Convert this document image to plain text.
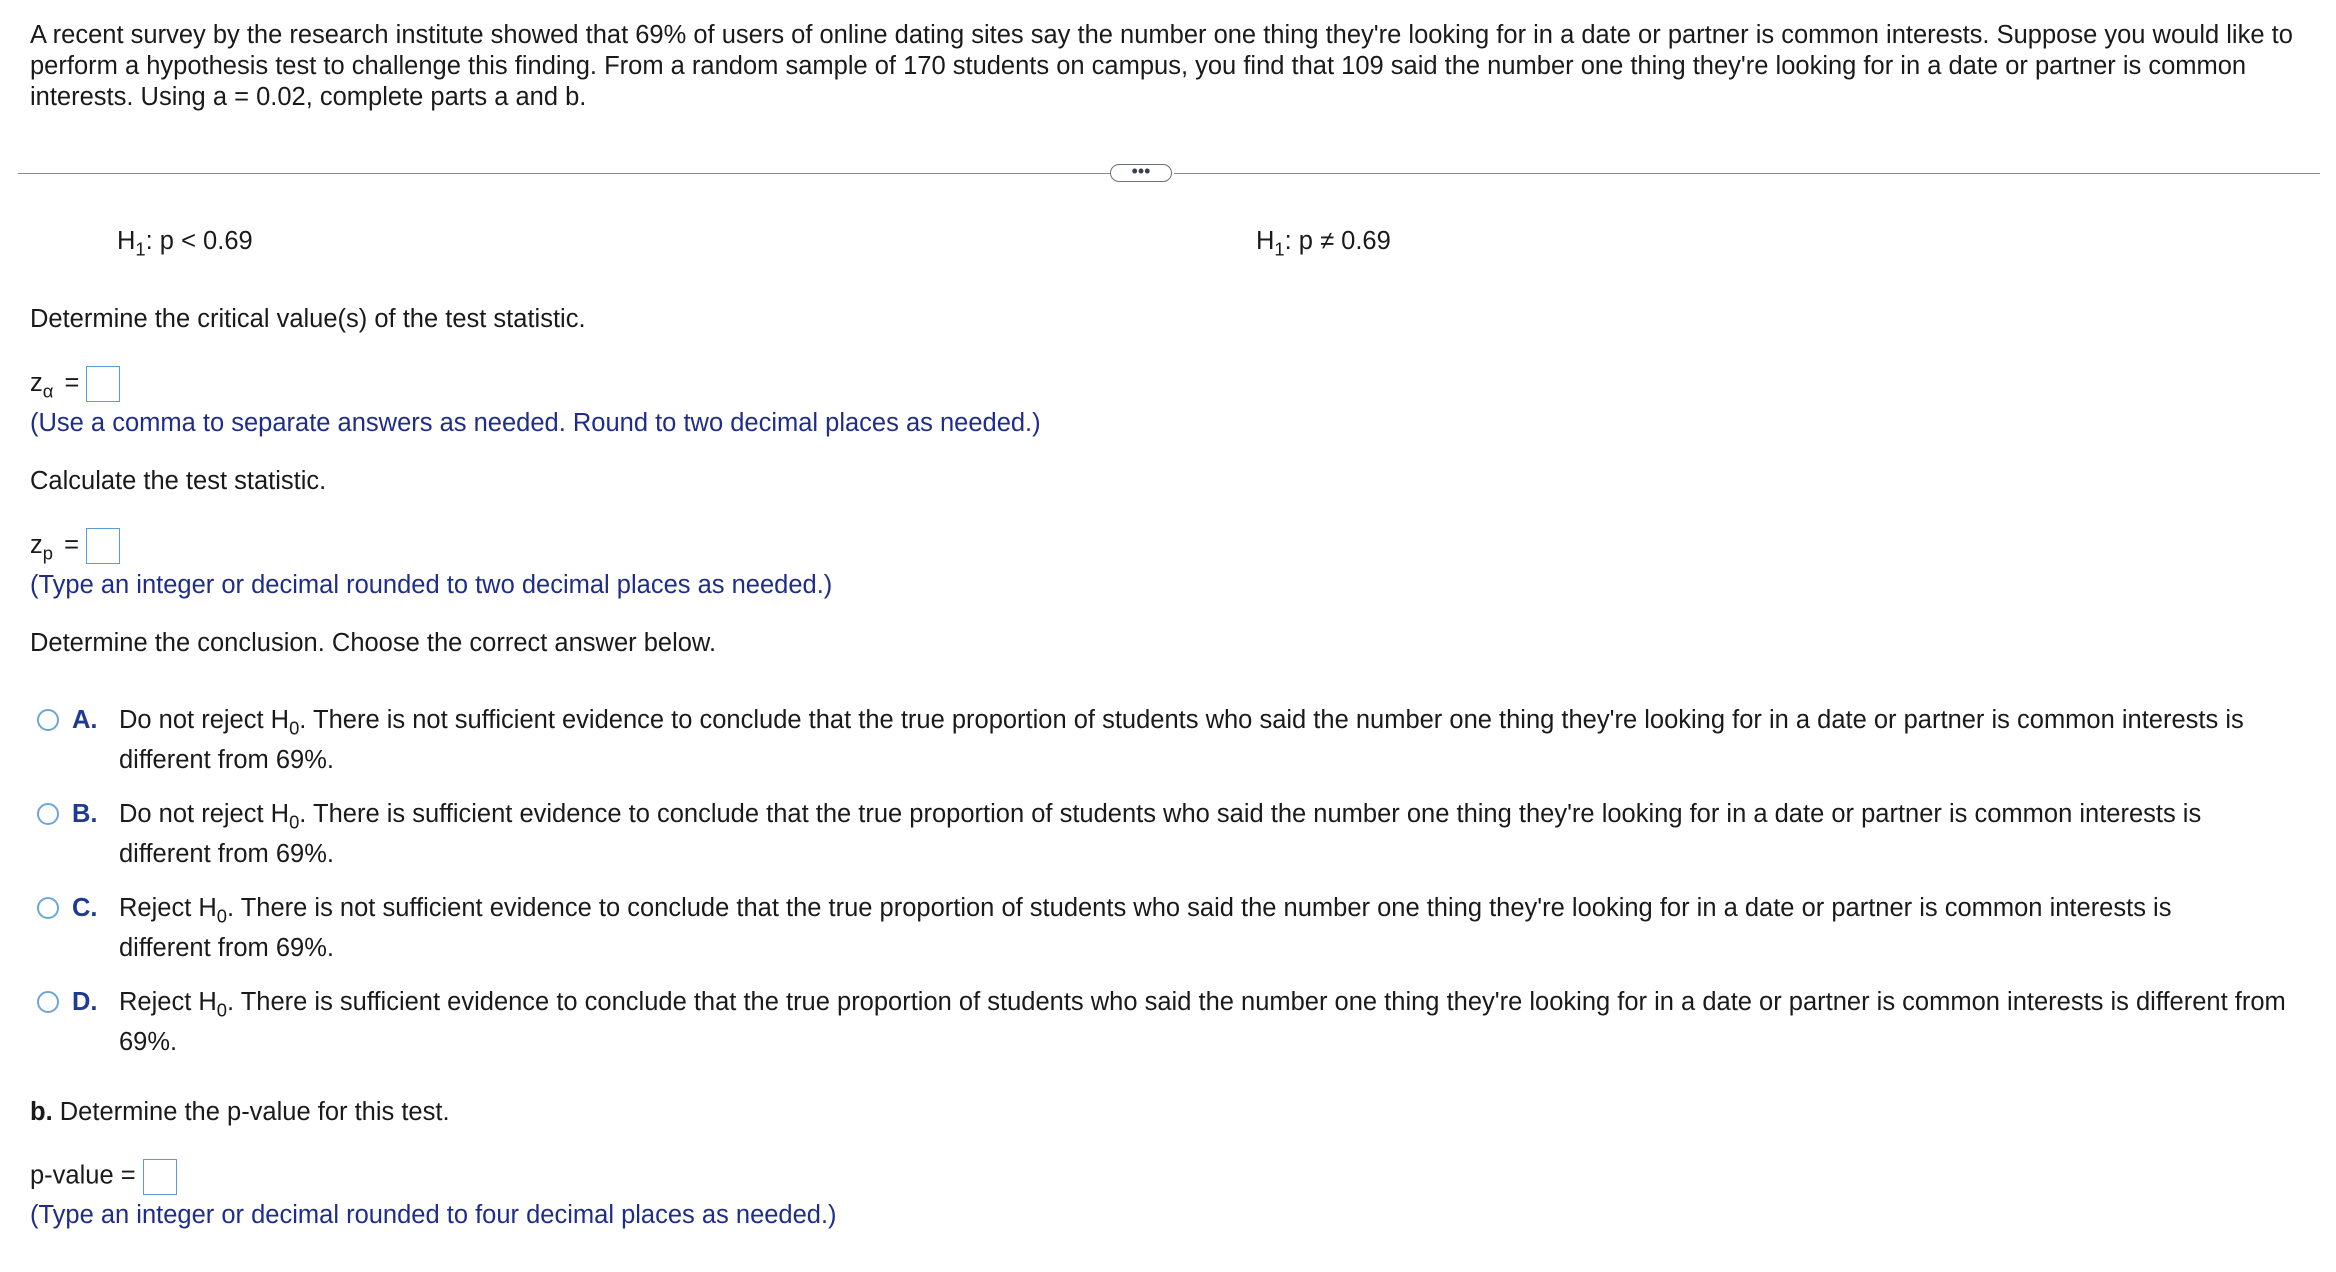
A recent survey by the research institute showed that 69% of users of online dating sites say the number one thing they're looking for in a date or partner is common interests. Suppose you would like to perform a hypothesis test to challenge this finding. From a random sample of 170 students on campus, you find that 109 said the number one thing they're looking for in a date or partner is common interests. Using a = 0.02, complete parts a and b.
•••
$H_1$: p < 0.69	$H_1$: p ≠ 0.69
Determine the critical value(s) of the test statistic.
$z_\alpha$ =
(Use a comma to separate answers as needed. Round to two decimal places as needed.)
Calculate the test statistic.
$z_p$ =
(Type an integer or decimal rounded to two decimal places as needed.)
Determine the conclusion. Choose the correct answer below.
A. Do not reject $H_0$. There is not sufficient evidence to conclude that the true proportion of students who said the number one thing they're looking for in a date or partner is common interests is different from 69%.
B. Do not reject $H_0$. There is sufficient evidence to conclude that the true proportion of students who said the number one thing they're looking for in a date or partner is common interests is different from 69%.
C. Reject $H_0$. There is not sufficient evidence to conclude that the true proportion of students who said the number one thing they're looking for in a date or partner is common interests is different from 69%.
D. Reject $H_0$. There is sufficient evidence to conclude that the true proportion of students who said the number one thing they're looking for in a date or partner is common interests is different from 69%.
b. Determine the p-value for this test.
p-value =
(Type an integer or decimal rounded to four decimal places as needed.)
